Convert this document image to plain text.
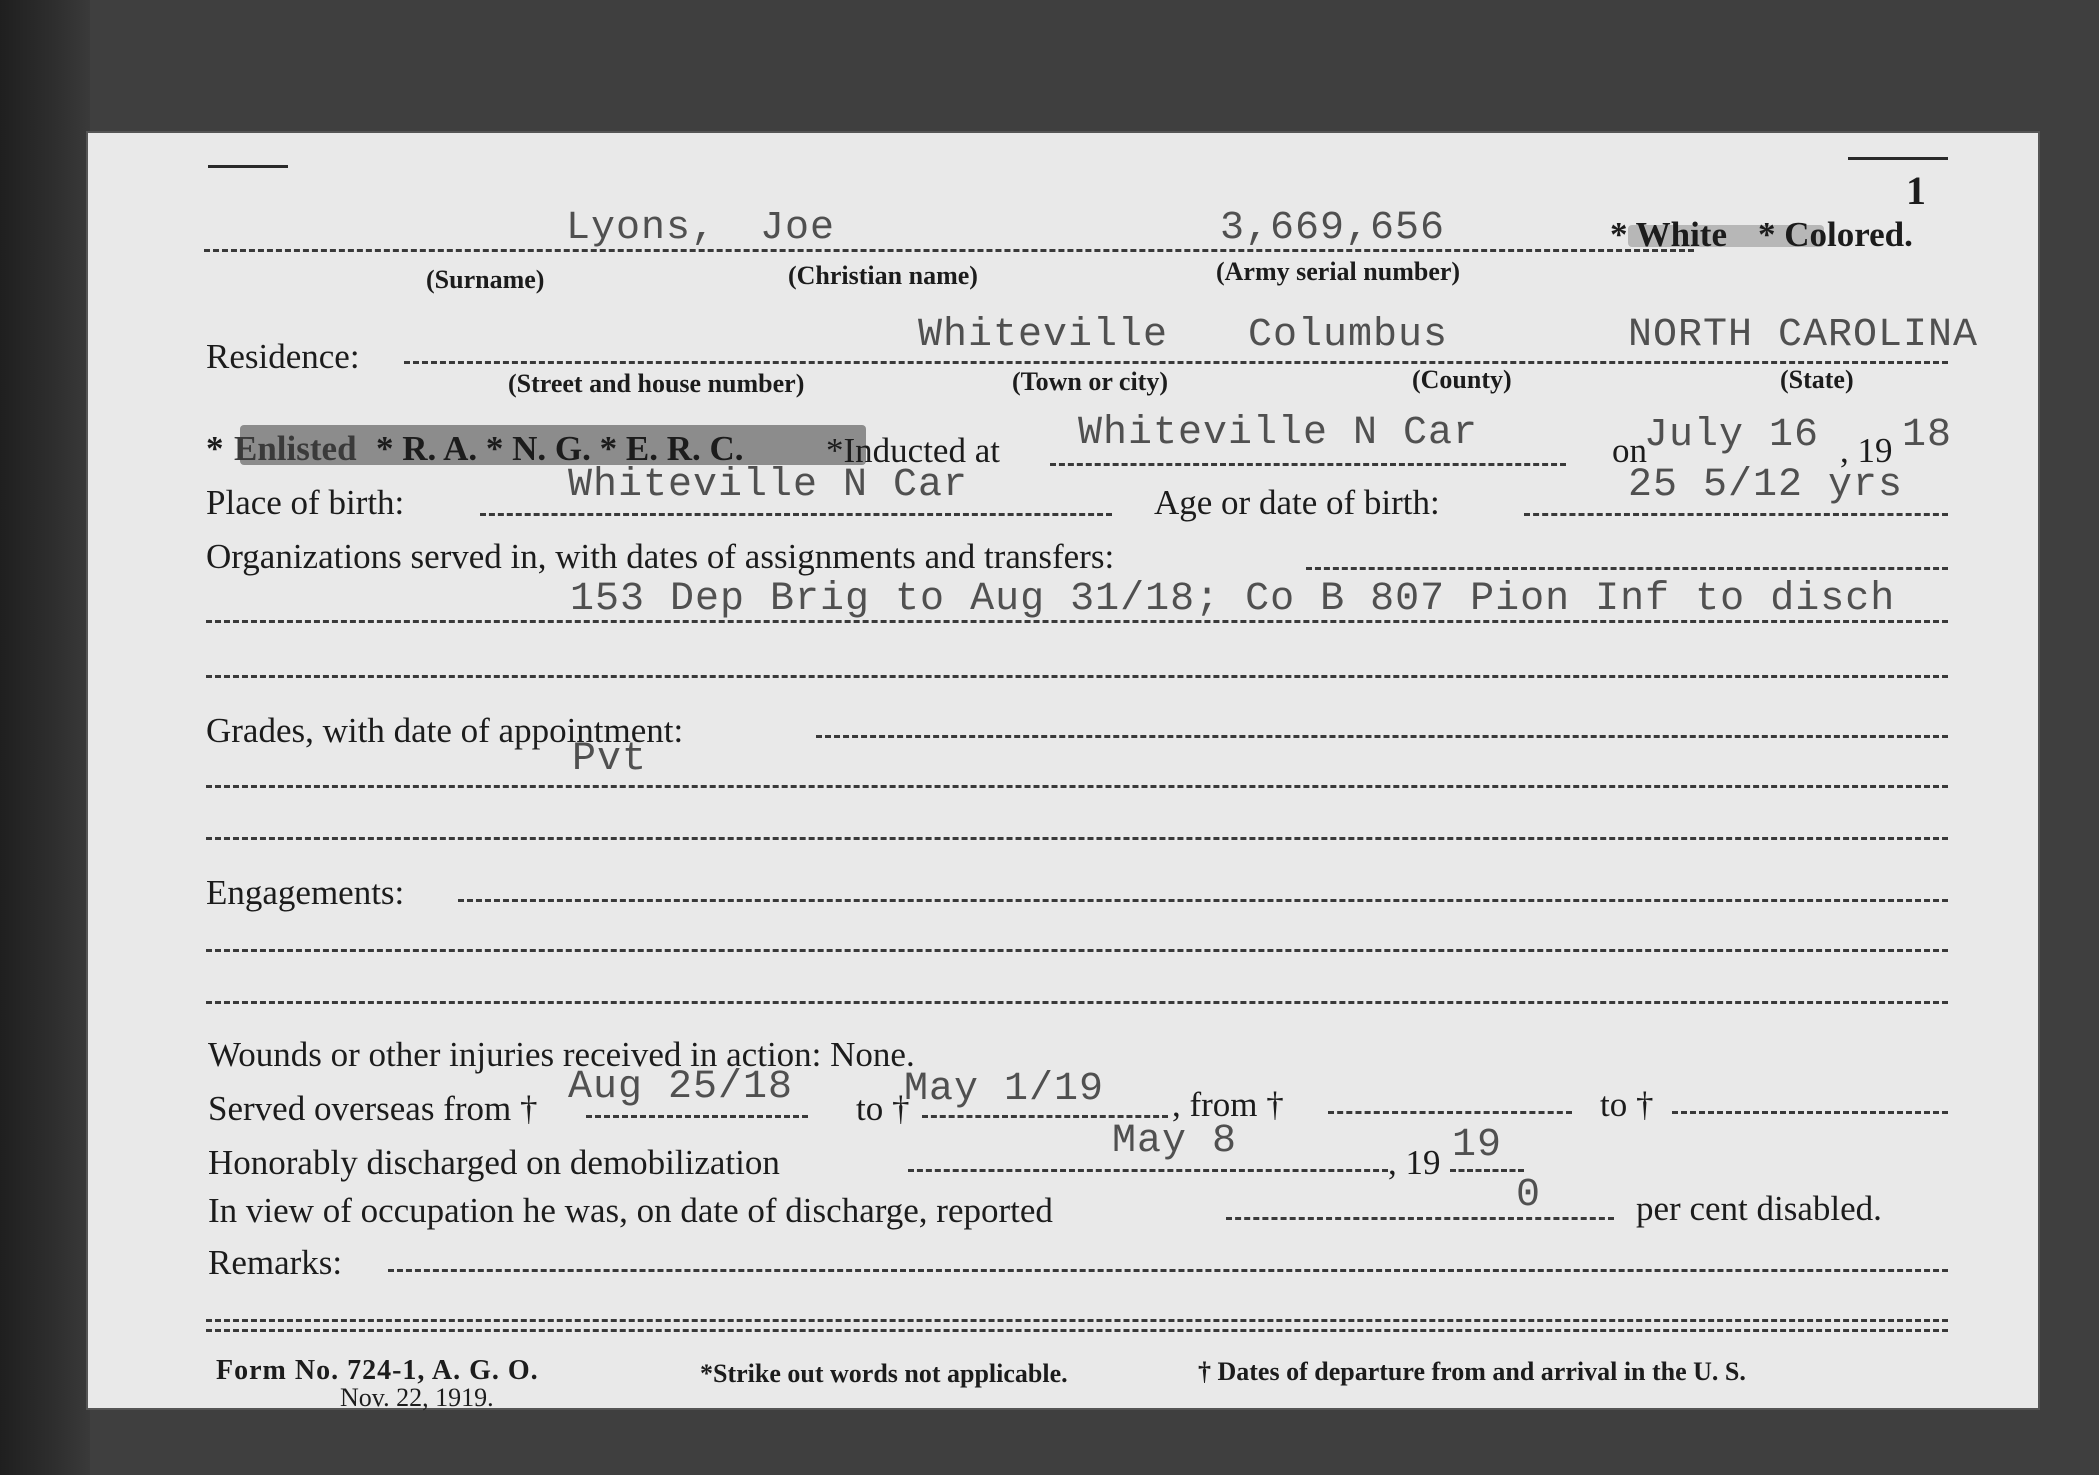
1
Lyons, Joe	3,669,656	* White * Colored.
(Surname)	(Christian name)	(Army serial number)
Residence:	Whiteville Columbus	NORTH CAROLINA
(Street and house number)	(Town or city)	(County)	(State)
* Enlisted * R. A. * N. G. * E. R. C. *Inducted at Whiteville N Car	on
July 16 , 19 18
Place of birth:	Whiteville N Car	Age or date of birth:	25 5/12 yrs
Organizations served in, with dates of assignments and transfers:
153 Dep Brig to Aug 31/18; Co B 807 Pion Inf to disch
Grades, with date of appointment:
Pvt
Engagements:
Wounds or other injuries received in action: None.
Served overseas from † Aug 25/18 to †
May 1/19 , from †	to †
Honorably discharged on demobilization	May 8	, 19 19
In view of occupation he was, on date of discharge, reported	0	per cent disabled.
Remarks:
Form No. 724-1, A. G. O.
Nov. 22, 1919.
*Strike out words not applicable.	† Dates of departure from and arrival in the U. S.
